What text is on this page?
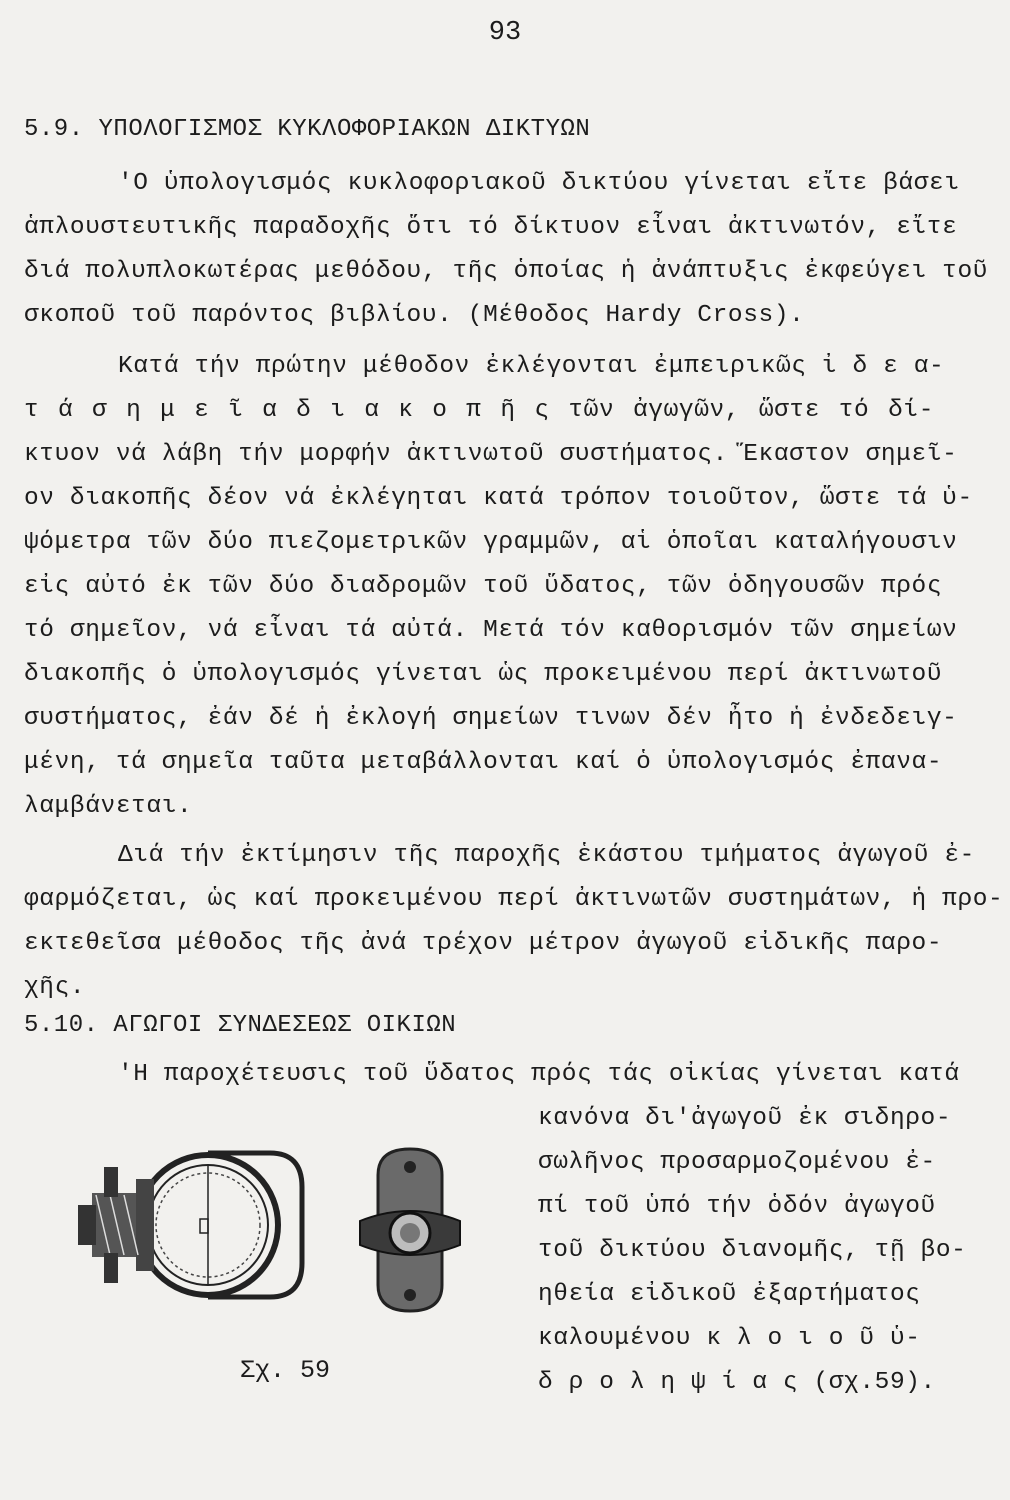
93
5.9. ΥΠΟΛΟΓΙΣΜΟΣ ΚΥΚΛΟΦΟΡΙΑΚΩΝ ΔΙΚΤΥΩΝ
'Ο ὑπολογισμός κυκλοφοριακοῦ δικτύου γίνεται εἴτε βάσει
ἁπλουστευτικῆς παραδοχῆς ὅτι τό δίκτυον εἶναι ἀκτινωτόν, εἴτε
διά πολυπλοκωτέρας μεθόδου, τῆς ὁποίας ἡ ἀνάπτυξις ἐκφεύγει τοῦ
σκοποῦ τοῦ παρόντος βιβλίου. (Μέθοδος Hardy Cross).
Κατά τήν πρώτην μέθοδον ἐκλέγονται ἐμπειρικῶς ἰ δ ε α-
τ ά σ η μ ε ῖ α δ ι α κ ο π ῆ ς τῶν ἀγωγῶν, ὥστε τό δί-
κτυον νά λάβη τήν μορφήν ἀκτινωτοῦ συστήματος. Ἕκαστον σημεῖ-
ον διακοπῆς δέον νά ἐκλέγηται κατά τρόπον τοιοῦτον, ὥστε τά ὑ-
ψόμετρα τῶν δύο πιεζομετρικῶν γραμμῶν, αἱ ὁποῖαι καταλήγουσιν
εἰς αὐτό ἐκ τῶν δύο διαδρομῶν τοῦ ὕδατος, τῶν ὁδηγουσῶν πρός
τό σημεῖον, νά εἶναι τά αὐτά. Μετά τόν καθορισμόν τῶν σημείων
διακοπῆς ὁ ὑπολογισμός γίνεται ὡς προκειμένου περί ἀκτινωτοῦ
συστήματος, ἐάν δέ ἡ ἐκλογή σημείων τινων δέν ἦτο ἡ ἐνδεδειγ-
μένη, τά σημεῖα ταῦτα μεταβάλλονται καί ὁ ὑπολογισμός ἐπανα-
λαμβάνεται.
Διά τήν ἐκτίμησιν τῆς παροχῆς ἑκάστου τμήματος ἀγωγοῦ ἐ-
φαρμόζεται, ὡς καί προκειμένου περί ἀκτινωτῶν συστημάτων, ἡ προ-
εκτεθεῖσα μέθοδος τῆς ἀνά τρέχον μέτρον ἀγωγοῦ εἰδικῆς παρο-
χῆς.
5.10. ΑΓΩΓΟΙ ΣΥΝΔΕΣΕΩΣ ΟΙΚΙΩΝ
'Η παροχέτευσις τοῦ ὕδατος πρός τάς οἰκίας γίνεται κατά
κανόνα δι'ἀγωγοῦ ἐκ σιδηρο-
σωλῆνος προσαρμοζομένου ἐ-
πί τοῦ ὑπό τήν ὁδόν ἀγωγοῦ
τοῦ δικτύου διανομῆς, τῇ βο-
ηθεία εἰδικοῦ ἐξαρτήματος
καλουμένου κ λ ο ι ο ῦ ὑ-
δ ρ ο λ η ψ ί α ς (σχ.59).
Σχ. 59
